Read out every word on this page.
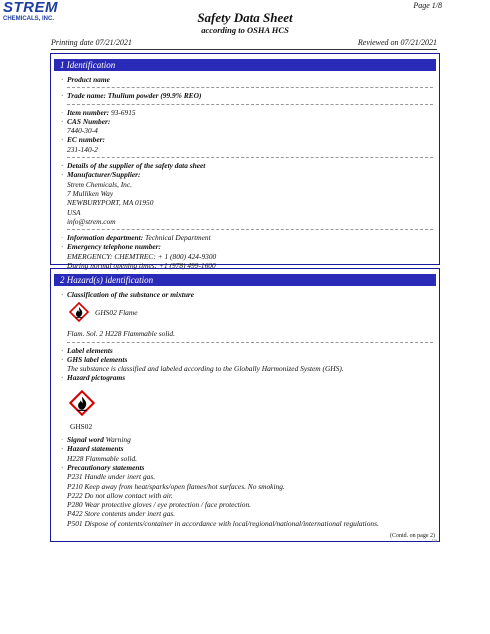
STREM
CHEMICALS, INC.
Page 1/8
Safety Data Sheet
according to OSHA HCS
Printing date 07/21/2021	Reviewed on 07/21/2021
1 Identification
· Product name
· Trade name: Thulium powder (99.9% REO)
· Item number: 93-6915
· CAS Number:
7440-30-4
· EC number:
231-140-2
· Details of the supplier of the safety data sheet
· Manufacturer/Supplier:
Strem Chemicals, Inc.
7 Mulliken Way
NEWBURYPORT, MA 01950
USA
info@strem.com
· Information department: Technical Department
· Emergency telephone number:
EMERGENCY: CHEMTREC: + 1 (800) 424-9300
During normal opening times: +1 (978) 499-1600
2 Hazard(s) identification
· Classification of the substance or mixture
GHS02 Flame
Flam. Sol. 2 H228 Flammable solid.
· Label elements
· GHS label elements
The substance is classified and labeled according to the Globally Harmonized System (GHS).
· Hazard pictograms
GHS02
· Signal word Warning
· Hazard statements
H228 Flammable solid.
· Precautionary statements
P231 Handle under inert gas.
P210 Keep away from heat/sparks/open flames/hot surfaces. No smoking.
P222 Do not allow contact with air.
P280 Wear protective gloves / eye protection / face protection.
P422 Store contents under inert gas.
P501 Dispose of contents/container in accordance with local/regional/national/international regulations.
(Contd. on page 2)
US
